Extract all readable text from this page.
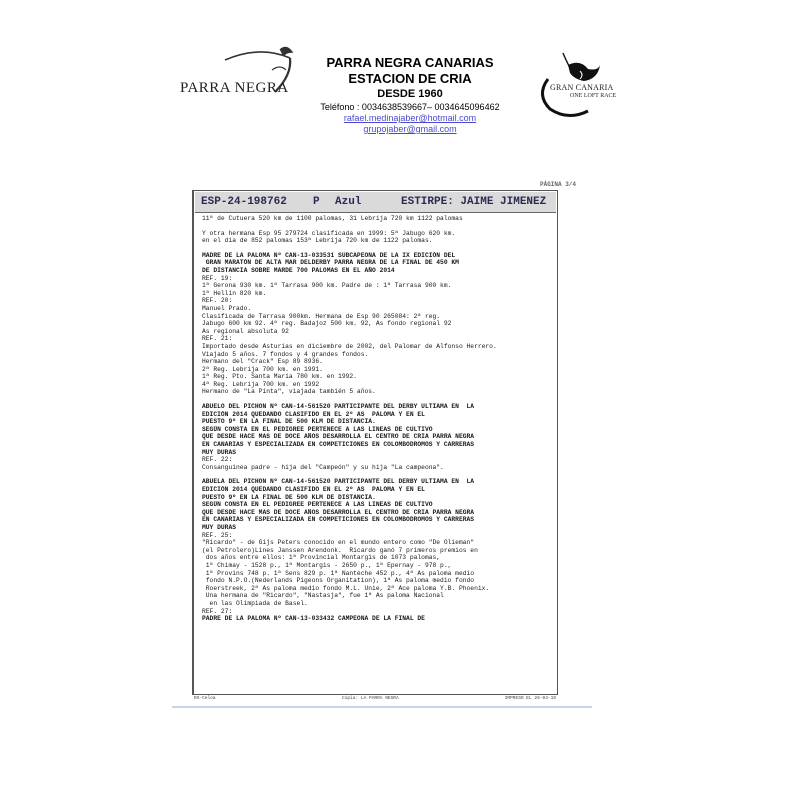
PARRA NEGRA
PARRA NEGRA CANARIAS
ESTACION DE CRIA
DESDE 1960
Teléfono : 0034638539667– 0034645096462
rafael.medinajaber@hotmail.com
grupojaber@gmail.com
GRAN CANARIA
ONE LOFT RACE
PÁGINA 3/4
ESP-24-198762 P Azul	ESTIRPE: JAIME JIMENEZ
11ª de Cutuera 520 km de 1100 palomas, 31 Lebrija 720 km 1122 palomas
Y otra hermana Esp 95 279724 clasificada en 1999: 5ª Jabugo 620 km.
en el dia de 852 palomas 153ª Lebrija 720 km de 1122 palomas.
MADRE DE LA PALOMA Nº CAN-13-033531 SUBCAPEONA DE LA IX EDICIÓN DEL
GRAN MARATÓN DE ALTA MAR DELDERBY PARRA NEGRA DE LA FINAL DE 450 KM
DE DISTANCIA SOBRE MARDE 700 PALOMAS EN EL AÑO 2014
REF. 19:
1ª Gerona 930 km. 1ª Tarrasa 900 km. Padre de : 1ª Tarrasa 900 km.
1ª Hellin 820 km.
REF. 20:
Manuel Prado.
Clasificada de Tarrasa 900km. Hermana de Esp 90 265084: 2ª reg.
Jabugo 600 km 92. 4ª reg. Badajoz 500 km. 92, As fondo regional 92
As regional absoluta 92
REF. 21:
Importado desde Asturias en diciembre de 2002, del Palomar de Alfonso Herrero.
Viajado 5 años. 7 fondos y 4 grandes fondos.
Hermano del "Crack" Esp 89 8936.
2ª Reg. Lebrija 700 km. en 1991.
1ª Reg. Pto. Santa María 780 km. en 1992.
4ª Reg. Lebrija 700 km. en 1992
Hermano de "La Pinta", viajada también 5 años.
ABUELO DEL PICHON Nº CAN-14-561520 PARTICIPANTE DEL DERBY ULTIAMA EN  LA
EDICIÓN 2014 QUEDANDO CLASIFIDO EN EL 2º AS  PALOMA Y EN EL
PUESTO 9º EN LA FINAL DE 500 KLM DE DISTANCIA.
SEGÚN CONSTA EN EL PEDIGREE PERTENECE A LAS LINEAS DE CULTIVO
QUE DESDE HACE MAS DE DOCE AÑOS DESARROLLA EL CENTRO DE CRIA PARRA NEGRA
EN CANARIAS Y ESPECIALIZADA EN COMPETICIONES EN COLOMBODROMOS Y CARRERAS
MUY DURAS
REF. 22:
Consanguinea padre - hija del "Campeón" y su hija "La campeona".
ABUELA DEL PICHON Nº CAN-14-561520 PARTICIPANTE DEL DERBY ULTIAMA EN  LA
EDICIÓN 2014 QUEDANDO CLASIFIDO EN EL 2º AS  PALOMA Y EN EL
PUESTO 9º EN LA FINAL DE 500 KLM DE DISTANCIA.
SEGÚN CONSTA EN EL PEDIGREE PERTENECE A LAS LINEAS DE CULTIVO
QUE DESDE HACE MAS DE DOCE AÑOS DESARROLLA EL CENTRO DE CRIA PARRA NEGRA
EN CANARIAS Y ESPECIALIZADA EN COMPETICIONES EN COLOMBODROMOS Y CARRERAS
MUY DURAS
REF. 25:
"Ricardo" - de Gijs Peters conocido en el mundo entero como "De Olieman"
(el Petrolero)Lines Janssen Arendonk.  Ricardo ganó 7 primeros premios en
dos años entre ellos: 1ª Provincial Montargis de 1073 palomas,
1ª Chimay - 1528 p., 1ª Montargis - 2650 p., 1ª Epernay - 978 p.,
1ª Provins 748 p. 1ª Sens 829 p. 1ª Nanteche 452 p., 4ª As paloma medio
fondo N.P.O.(Nederlands Pigeons Organitation), 1ª As paloma medio fondo
Roerstreek, 2ª As paloma medio fondo M.L. Unie, 2ª Ace paloma Y.B. Phoenix.
Una hermana de "Ricardo", "Nastasja", fue 1ª As paloma Nacional
en las Olimpiada de Basel.
REF. 27:
PADRE DE LA PALOMA Nº CAN-13-033432 CAMPEONA DE LA FINAL DE
RS-Celoa	Copia: LA PARRA NEGRA	IMPRESO EL 26-04-19
